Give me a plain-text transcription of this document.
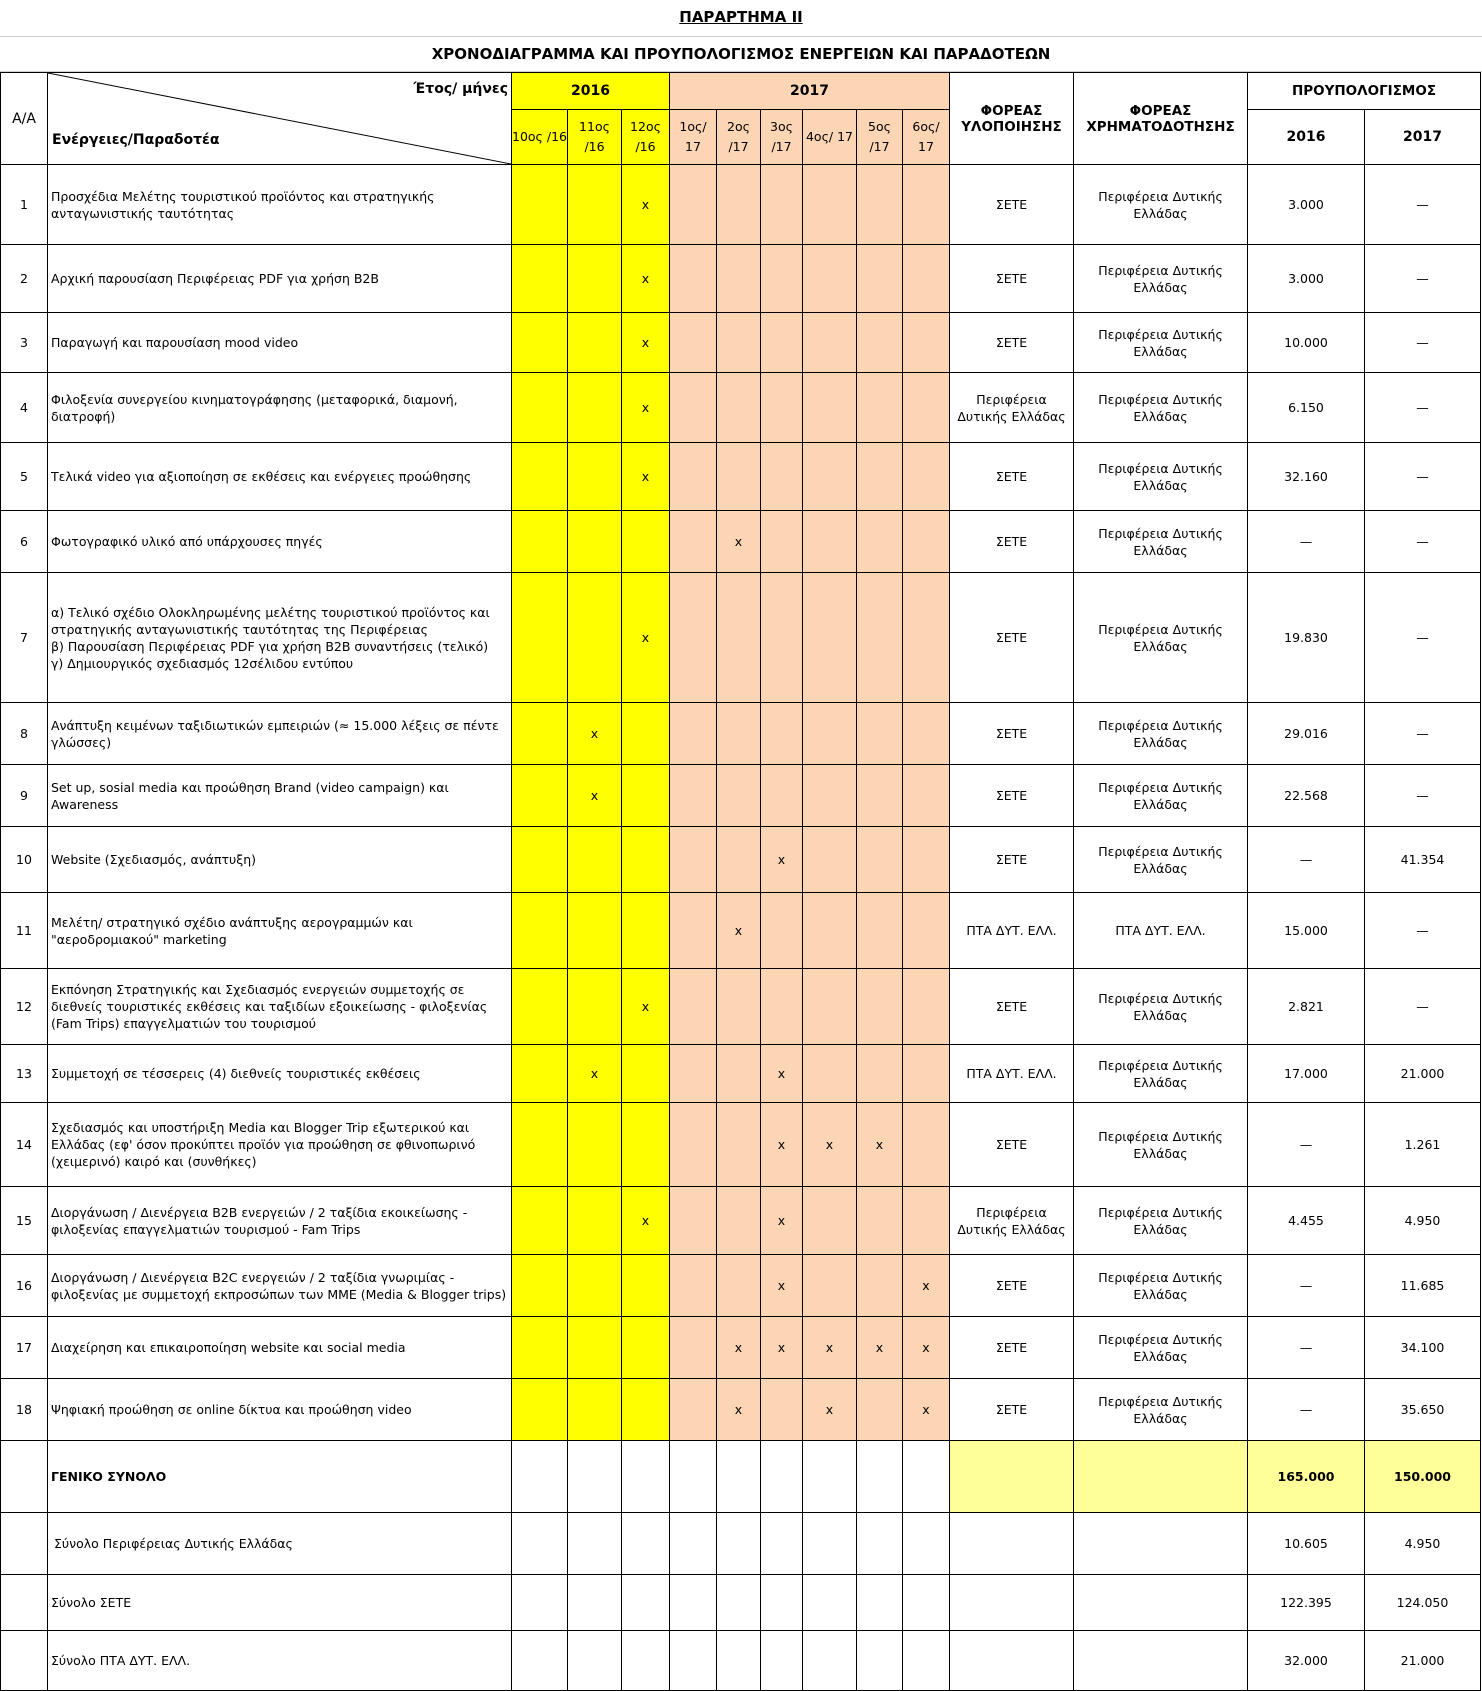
ΠΑΡΑΡΤΗΜΑ ΙΙ
ΧΡΟΝΟΔΙΑΓΡΑΜΜΑ ΚΑΙ ΠΡΟΥΠΟΛΟΓΙΣΜΟΣ ΕΝΕΡΓΕΙΩΝ ΚΑΙ ΠΑΡΑΔΟΤΕΩΝ
Α/Α	Έτος/ μήνες
Ενέργειες/Παραδοτέα	2016			2017						ΦΟΡΕΑΣ ΥΛΟΠΟΙΗΣΗΣ	ΦΟΡΕΑΣ ΧΡΗΜΑΤΟΔΟΤΗΣΗΣ	ΠΡΟΥΠΟΛΟΓΙΣΜΟΣ	
		10ος /16	11ος /16	12ος /16	1ος/ 17	2ος /17	3ος /17	4ος/ 17	5ος /17	6ος/ 17			2016	2017
1	Προσχέδια Μελέτης τουριστικού προϊόντος και στρατηγικής ανταγωνιστικής ταυτότητας			x							ΣΕΤΕ	Περιφέρεια Δυτικής Ελλάδας	3.000	—
2	Αρχική παρουσίαση Περιφέρειας PDF για χρήση B2B			x							ΣΕΤΕ	Περιφέρεια Δυτικής Ελλάδας	3.000	—
3	Παραγωγή και παρουσίαση mood video			x							ΣΕΤΕ	Περιφέρεια Δυτικής Ελλάδας	10.000	—
4	Φιλοξενία συνεργείου κινηματογράφησης (μεταφορικά, διαμονή, διατροφή)			x							Περιφέρεια Δυτικής Ελλάδας	Περιφέρεια Δυτικής Ελλάδας	6.150	—
5	Τελικά video για αξιοποίηση σε εκθέσεις και ενέργειες προώθησης			x							ΣΕΤΕ	Περιφέρεια Δυτικής Ελλάδας	32.160	—
6	Φωτογραφικό υλικό από υπάρχουσες πηγές					x					ΣΕΤΕ	Περιφέρεια Δυτικής Ελλάδας	—	—
7	α) Τελικό σχέδιο Ολοκληρωμένης μελέτης τουριστικού προϊόντος και στρατηγικής ανταγωνιστικής ταυτότητας της Περιφέρειας
β) Παρουσίαση Περιφέρειας PDF για χρήση B2B συναντήσεις (τελικό)
γ) Δημιουργικός σχεδιασμός 12σέλιδου εντύπου			x							ΣΕΤΕ	Περιφέρεια Δυτικής Ελλάδας	19.830	—
8	Ανάπτυξη κειμένων ταξιδιωτικών εμπειριών (≈ 15.000 λέξεις σε πέντε γλώσσες)		x								ΣΕΤΕ	Περιφέρεια Δυτικής Ελλάδας	29.016	—
9	Set up, sosial media και προώθηση Brand (video campaign) και Awareness		x								ΣΕΤΕ	Περιφέρεια Δυτικής Ελλάδας	22.568	—
10	Website (Σχεδιασμός, ανάπτυξη)						x				ΣΕΤΕ	Περιφέρεια Δυτικής Ελλάδας	—	41.354
11	Μελέτη/ στρατηγικό σχέδιο ανάπτυξης αερογραμμών και "αεροδρομιακού" marketing					x					ΠΤΑ ΔΥΤ. ΕΛΛ.	ΠΤΑ ΔΥΤ. ΕΛΛ.	15.000	—
12	Εκπόνηση Στρατηγικής και Σχεδιασμός ενεργειών συμμετοχής σε διεθνείς τουριστικές εκθέσεις και ταξιδίων εξοικείωσης - φιλοξενίας (Fam Trips) επαγγελματιών του τουρισμού			x							ΣΕΤΕ	Περιφέρεια Δυτικής Ελλάδας	2.821	—
13	Συμμετοχή σε τέσσερεις (4) διεθνείς τουριστικές εκθέσεις		x				x				ΠΤΑ ΔΥΤ. ΕΛΛ.	Περιφέρεια Δυτικής Ελλάδας	17.000	21.000
14	Σχεδιασμός και υποστήριξη Media και Blogger Trip εξωτερικού και Ελλάδας (εφ' όσον προκύπτει προϊόν για προώθηση σε φθινοπωρινό (χειμερινό) καιρό και (συνθήκες)						x	x	x		ΣΕΤΕ	Περιφέρεια Δυτικής Ελλάδας	—	1.261
15	Διοργάνωση / Διενέργεια Β2Β ενεργειών / 2 ταξίδια εκοικείωσης - φιλοξενίας επαγγελματιών τουρισμού - Fam Trips			x			x				Περιφέρεια Δυτικής Ελλάδας	Περιφέρεια Δυτικής Ελλάδας	4.455	4.950
16	Διοργάνωση / Διενέργεια Β2C ενεργειών / 2 ταξίδια γνωριμίας - φιλοξενίας με συμμετοχή εκπροσώπων των ΜΜΕ (Media & Blogger trips)						x			x	ΣΕΤΕ	Περιφέρεια Δυτικής Ελλάδας	—	11.685
17	Διαχείρηση και επικαιροποίηση website και social media					x	x	x	x	x	ΣΕΤΕ	Περιφέρεια Δυτικής Ελλάδας	—	34.100
18	Ψηφιακή προώθηση σε online δίκτυα και προώθηση video					x		x		x	ΣΕΤΕ	Περιφέρεια Δυτικής Ελλάδας	—	35.650
	ΓΕΝΙΚΟ ΣΥΝΟΛΟ												165.000	150.000
	Σύνολο Περιφέρειας Δυτικής Ελλάδας												10.605	4.950
	Σύνολο ΣΕΤΕ												122.395	124.050
	Σύνολο ΠΤΑ ΔΥΤ. ΕΛΛ.												32.000	21.000
